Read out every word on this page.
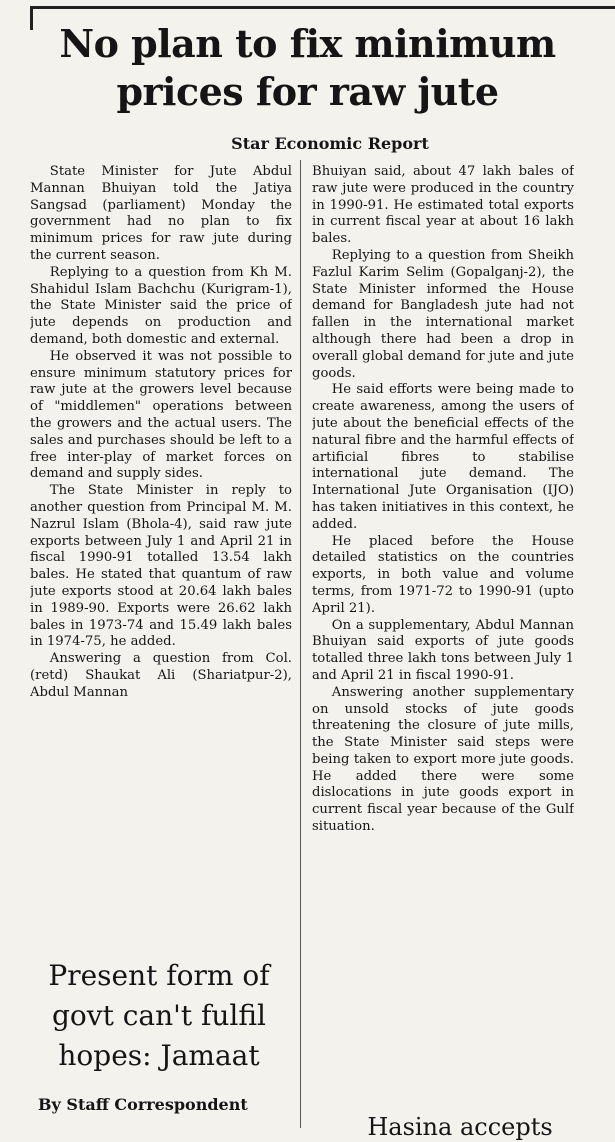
No plan to fix minimum prices for raw jute
Star Economic Report

State Minister for Jute Abdul Mannan Bhuiyan told the Jatiya Sangsad (parliament) Monday the government had no plan to fix minimum prices for raw jute during the current season.

Replying to a question from Kh M. Shahidul Islam Bachchu (Kurigram-1), the State Minister said the price of jute depends on production and demand, both domestic and external.

He observed it was not possible to ensure minimum statutory prices for raw jute at the growers level because of "middlemen" operations between the growers and the actual users. The sales and purchases should be left to a free inter-play of market forces on demand and supply sides.

The State Minister in reply to another question from Principal M. M. Nazrul Islam (Bhola-4), said raw jute exports between July 1 and April 21 in fiscal 1990-91 totalled 13.54 lakh bales. He stated that quantum of raw jute exports stood at 20.64 lakh bales in 1989-90. Exports were 26.62 lakh bales in 1973-74 and 15.49 lakh bales in 1974-75, he added.

Answering a question from Col. (retd) Shaukat Ali (Shariatpur-2), Abdul Mannan

Bhuiyan said, about 47 lakh bales of raw jute were produced in the country in 1990-91. He estimated total exports in current fiscal year at about 16 lakh bales.

Replying to a question from Sheikh Fazlul Karim Selim (Gopalganj-2), the State Minister informed the House demand for Bangladesh jute had not fallen in the international market although there had been a drop in overall global demand for jute and jute goods.

He said efforts were being made to create awareness, among the users of jute about the beneficial effects of the natural fibre and the harmful effects of artificial fibres to stabilise international jute demand. The International Jute Organisation (IJO) has taken initiatives in this context, he added.

He placed before the House detailed statistics on the countries exports, in both value and volume terms, from 1971-72 to 1990-91 (upto April 21).

On a supplementary, Abdul Mannan Bhuiyan said exports of jute goods totalled three lakh tons between July 1 and April 21 in fiscal 1990-91.

Answering another supplementary on unsold stocks of jute goods threatening the closure of jute mills, the State Minister said steps were being taken to export more jute goods. He added there were some dislocations in jute goods export in current fiscal year because of the Gulf situation.

Present form of govt can't fulfil hopes: Jamaat
By Staff Correspondent
Hasina accepts
